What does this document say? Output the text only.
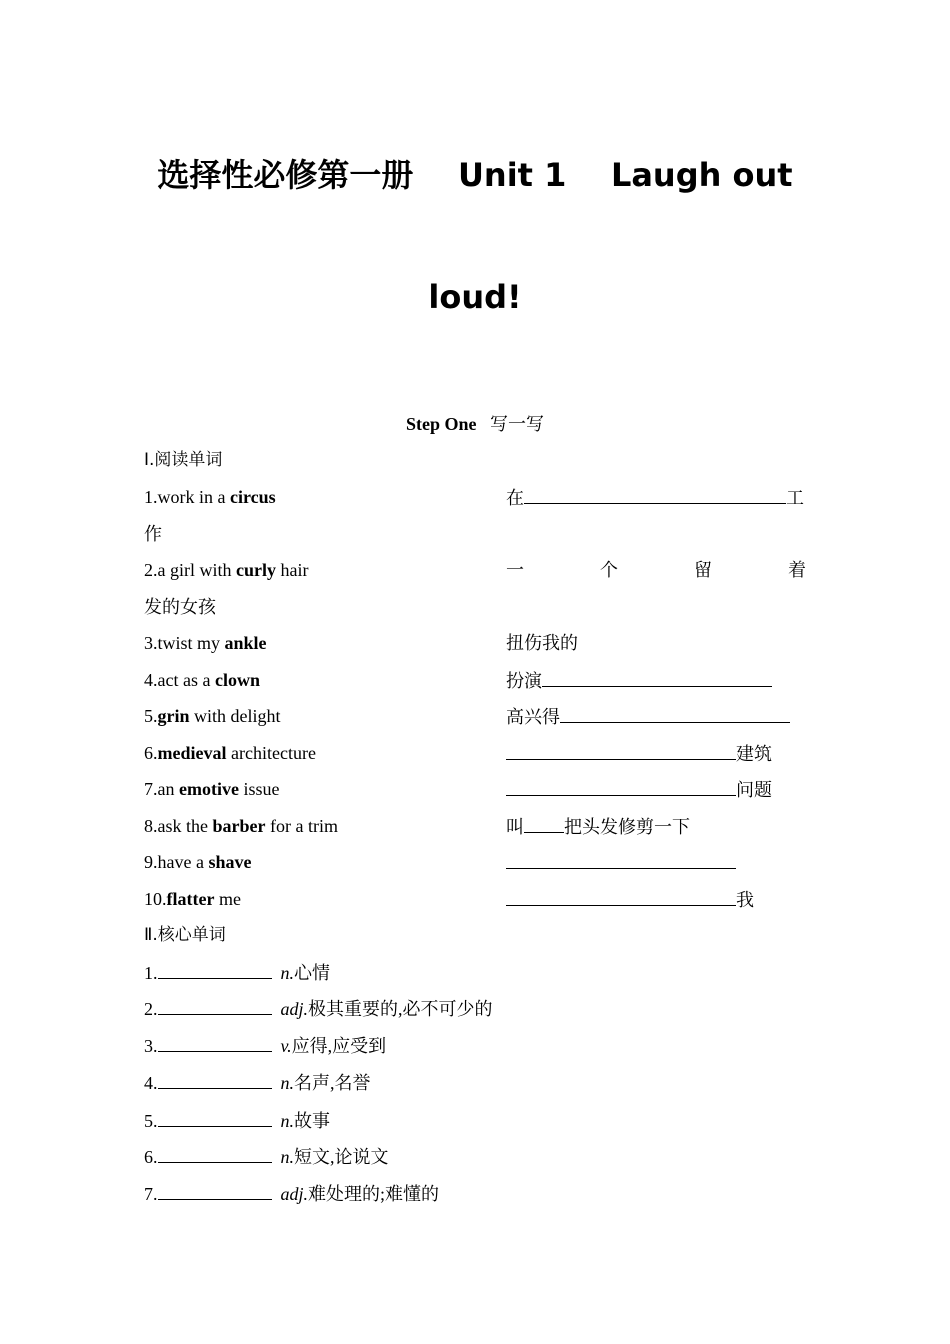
选择性必修第一册    Unit 1    Laugh out
loud!
Step One 写一写
Ⅰ.阅读单词
1.work in a circus	在	工
作
2.a girl with curly hair	一	个	留	着
发的女孩
3.twist my ankle	扭伤我的
4.act as a clown	扮演
5.grin with delight	高兴得
6.medieval architecture	建筑
7.an emotive issue	问题
8.ask the barber for a trim	叫 把头发修剪一下
9.have a shave
10.flatter me	我
Ⅱ.核心单词
1.	n.心情
2.	adj.极其重要的,必不可少的
3.	v.应得,应受到
4.	n.名声,名誉
5.	n.故事
6.	n.短文,论说文
7.	adj.难处理的;难懂的
